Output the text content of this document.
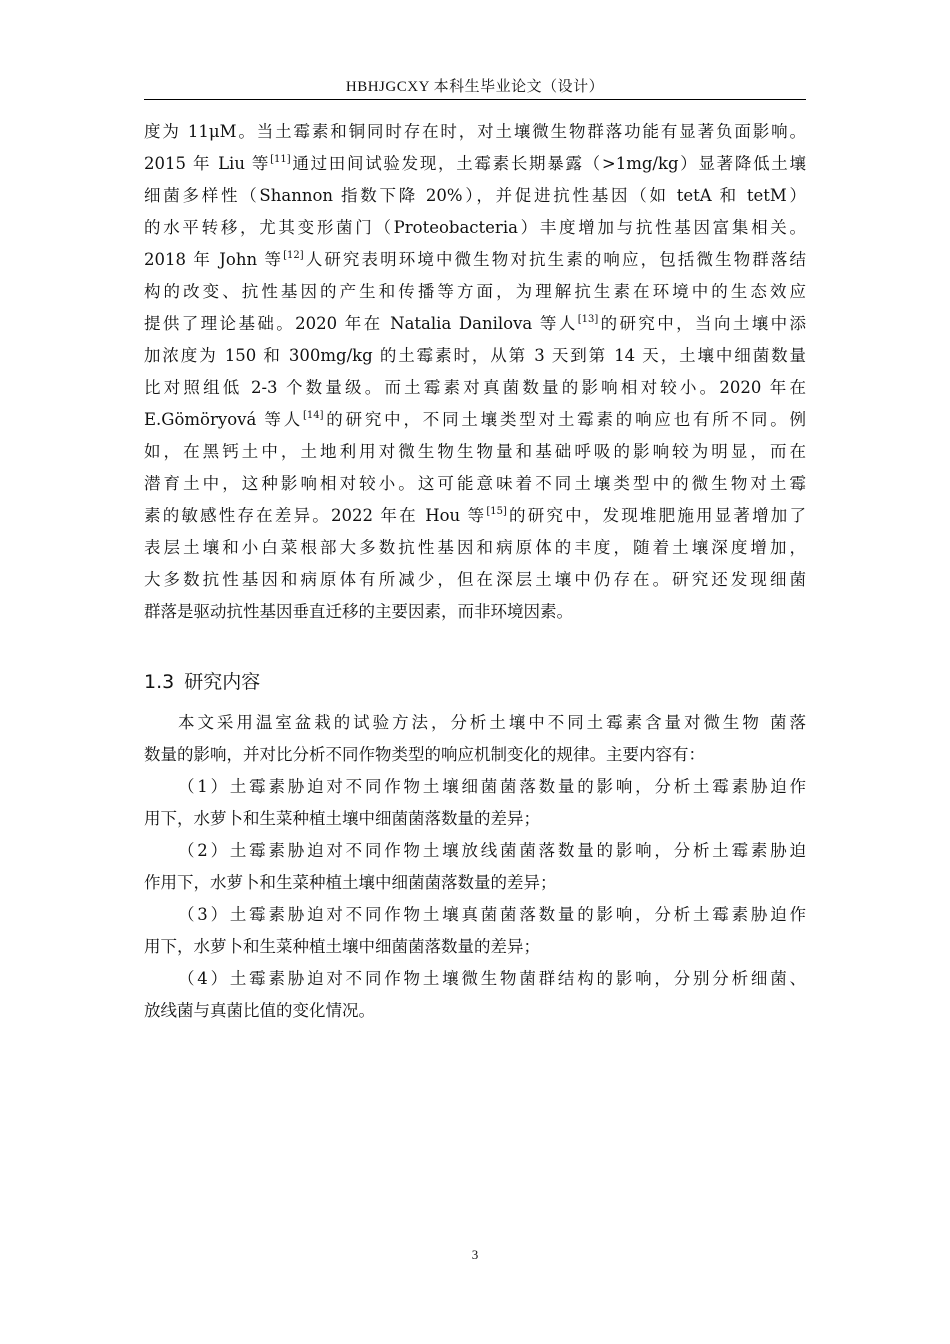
HBHJGCXY 本科生毕业论文（设计）
度为 11μM。当土霉素和铜同时存在时，对土壤微生物群落功能有显著负面影响。
2015 年 Liu 等[11]通过田间试验发现，土霉素长期暴露（>1mg/kg）显著降低土壤
细菌多样性（Shannon 指数下降 20%），并促进抗性基因（如 tetA 和 tetM）
的水平转移，尤其变形菌门（Proteobacteria）丰度增加与抗性基因富集相关。
2018 年 John 等[12]人研究表明环境中微生物对抗生素的响应，包括微生物群落结
构的改变、抗性基因的产生和传播等方面，为理解抗生素在环境中的生态效应
提供了理论基础。2020 年在 Natalia Danilova 等人[13]的研究中，当向土壤中添
加浓度为 150 和 300mg/kg 的土霉素时，从第 3 天到第 14 天，土壤中细菌数量
比对照组低 2-3 个数量级。而土霉素对真菌数量的影响相对较小。2020 年在
E.Gömöryová 等人[14]的研究中，不同土壤类型对土霉素的响应也有所不同。例
如，在黑钙土中，土地利用对微生物生物量和基础呼吸的影响较为明显，而在
潜育土中，这种影响相对较小。这可能意味着不同土壤类型中的微生物对土霉
素的敏感性存在差异。2022 年在 Hou 等[15]的研究中，发现堆肥施用显著增加了
表层土壤和小白菜根部大多数抗性基因和病原体的丰度，随着土壤深度增加，
大多数抗性基因和病原体有所减少，但在深层土壤中仍存在。研究还发现细菌
群落是驱动抗性基因垂直迁移的主要因素，而非环境因素。
1.3 研究内容
本文采用温室盆栽的试验方法，分析土壤中不同土霉素含量对微生物 菌落
数量的影响，并对比分析不同作物类型的响应机制变化的规律。主要内容有：
（1）土霉素胁迫对不同作物土壤细菌菌落数量的影响，分析土霉素胁迫作
用下，水萝卜和生菜种植土壤中细菌菌落数量的差异；
（2）土霉素胁迫对不同作物土壤放线菌菌落数量的影响，分析土霉素胁迫
作用下，水萝卜和生菜种植土壤中细菌菌落数量的差异；
（3）土霉素胁迫对不同作物土壤真菌菌落数量的影响，分析土霉素胁迫作
用下，水萝卜和生菜种植土壤中细菌菌落数量的差异；
（4）土霉素胁迫对不同作物土壤微生物菌群结构的影响，分别分析细菌、
放线菌与真菌比值的变化情况。
3
